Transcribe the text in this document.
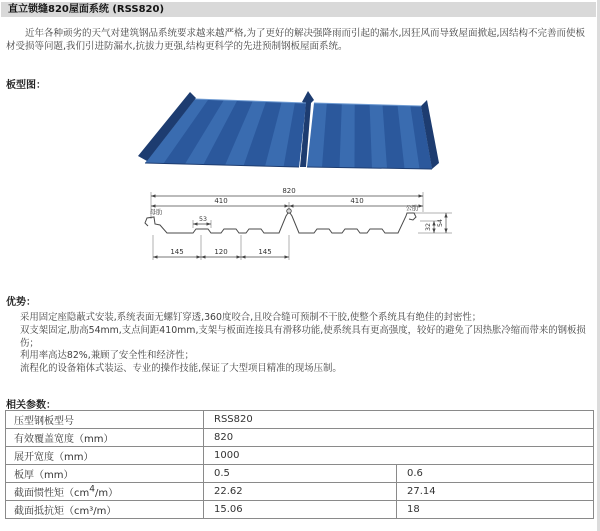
直立锁缝820屋面系统 (RSS820)
近年各种顽劣的天气对建筑钢品系统要求越来越严格,为了更好的解决强降雨而引起的漏水,因狂风而导致屋面掀起,因结构不完善而使板材受损等问题,我们引进防漏水,抗拔力更强,结构更科学的先进预制钢板屋面系统。
板型图：
820
410	410
53
145	120	145
32 54
母肋
公肋
优势：
采用固定座隐蔽式安装,系统表面无螺钉穿透,360度咬合,且咬合缝可预制不干胶,使整个系统具有绝佳的封密性；
双支架固定,肋高54mm,支点间距410mm,支架与板面连接具有滑移功能,使系统具有更高强度，较好的避免了因热胀冷缩而带来的钢板损伤；
利用率高达82%,兼顾了安全性和经济性；
流程化的设备箱体式装运、专业的操作技能,保证了大型项目精准的现场压制。
相关参数：
压型钢板型号	RSS820	
有效覆盖宽度（mm）	820	
展开宽度（mm）	1000	
板厚（mm）	0.5	0.6
截面惯性矩$(cm^4/m)$	22.62	27.14
截面抵抗矩（cm³/m）	15.06	18
